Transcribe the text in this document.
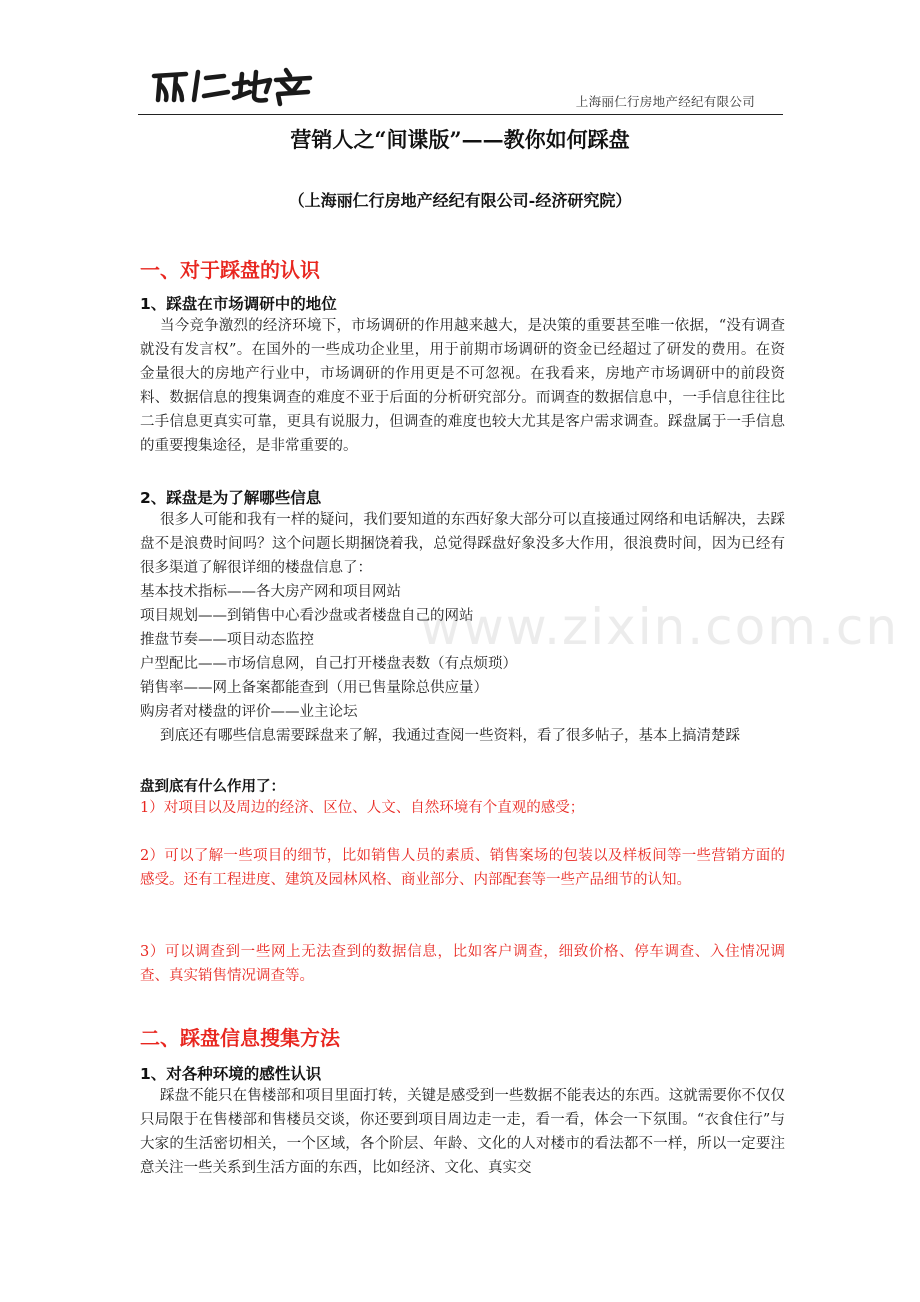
上海丽仁行房地产经纪有限公司
营销人之“间谍版”——教你如何踩盘
（上海丽仁行房地产经纪有限公司-经济研究院）
一、对于踩盘的认识
1、踩盘在市场调研中的地位
当今竞争激烈的经济环境下，市场调研的作用越来越大，是决策的重要甚至唯一依据，“没有调查就没有发言权”。在国外的一些成功企业里，用于前期市场调研的资金已经超过了研发的费用。在资金量很大的房地产行业中，市场调研的作用更是不可忽视。在我看来，房地产市场调研中的前段资料、数据信息的搜集调查的难度不亚于后面的分析研究部分。而调查的数据信息中，一手信息往往比二手信息更真实可靠，更具有说服力，但调查的难度也较大尤其是客户需求调查。踩盘属于一手信息的重要搜集途径，是非常重要的。
2、踩盘是为了解哪些信息
很多人可能和我有一样的疑问，我们要知道的东西好象大部分可以直接通过网络和电话解决，去踩盘不是浪费时间吗？这个问题长期捆饶着我，总觉得踩盘好象没多大作用，很浪费时间，因为已经有很多渠道了解很详细的楼盘信息了：
基本技术指标——各大房产网和项目网站
项目规划——到销售中心看沙盘或者楼盘自己的网站
推盘节奏——项目动态监控
户型配比——市场信息网，自己打开楼盘表数（有点烦琐）
销售率——网上备案都能查到（用已售量除总供应量）
购房者对楼盘的评价——业主论坛
到底还有哪些信息需要踩盘来了解，我通过查阅一些资料，看了很多帖子，基本上搞清楚踩
盘到底有什么作用了：
1）对项目以及周边的经济、区位、人文、自然环境有个直观的感受；
2）可以了解一些项目的细节，比如销售人员的素质、销售案场的包装以及样板间等一些营销方面的感受。还有工程进度、建筑及园林风格、商业部分、内部配套等一些产品细节的认知。
3）可以调查到一些网上无法查到的数据信息，比如客户调查，细致价格、停车调查、入住情况调查、真实销售情况调查等。
二、踩盘信息搜集方法
1、对各种环境的感性认识
踩盘不能只在售楼部和项目里面打转，关键是感受到一些数据不能表达的东西。这就需要你不仅仅只局限于在售楼部和售楼员交谈，你还要到项目周边走一走，看一看，体会一下氛围。“衣食住行”与大家的生活密切相关，一个区域，各个阶层、年龄、文化的人对楼市的看法都不一样，所以一定要注意关注一些关系到生活方面的东西，比如经济、文化、真实交
www.zixin.com.cn
